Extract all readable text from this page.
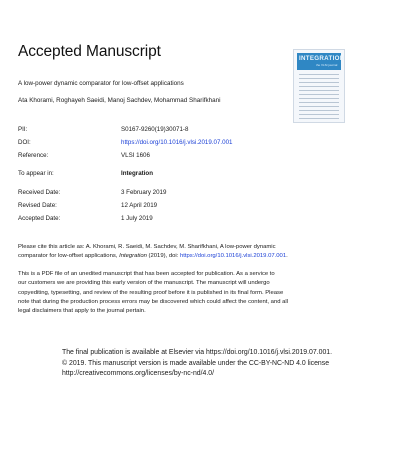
Accepted Manuscript	INTEGRATION
the VLSI journal
A low-power dynamic comparator for low-offset applications
Ata Khorami, Roghayeh Saeidi, Manoj Sachdev, Mohammad Sharifkhani
PII:	S0167-9260(19)30071-8
DOI:	https://doi.org/10.1016/j.vlsi.2019.07.001
Reference:	VLSI 1606
To appear in:	Integration
Received Date:	3 February 2019
Revised Date:	12 April 2019
Accepted Date:	1 July 2019
Please cite this article as: A. Khorami, R. Saeidi, M. Sachdev, M. Sharifkhani, A low-power dynamic
comparator for low-offset applications, Integration (2019), doi: https://doi.org/10.1016/j.vlsi.2019.07.001.
This is a PDF file of an unedited manuscript that has been accepted for publication. As a service to
our customers we are providing this early version of the manuscript. The manuscript will undergo
copyediting, typesetting, and review of the resulting proof before it is published in its final form. Please
note that during the production process errors may be discovered which could affect the content, and all
legal disclaimers that apply to the journal pertain.
The final publication is available at Elsevier via https://doi.org/10.1016/j.vlsi.2019.07.001.
© 2019. This manuscript version is made available under the CC-BY-NC-ND 4.0 license
http://creativecommons.org/licenses/by-nc-nd/4.0/
